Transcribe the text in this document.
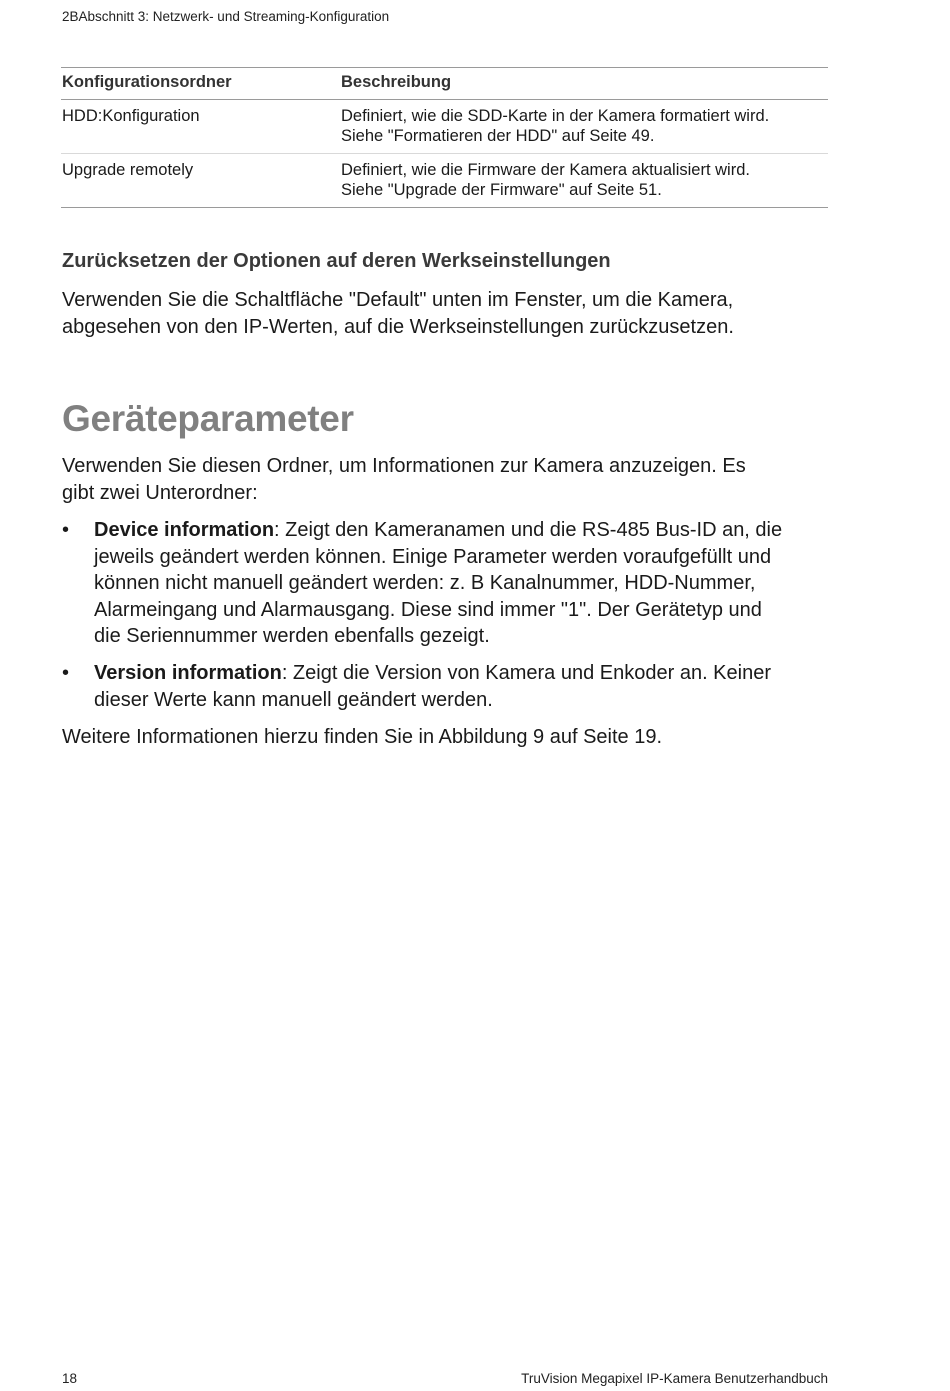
2BAbschnitt 3: Netzwerk- und Streaming-Konfiguration
Konfigurationsordner	Beschreibung
HDD:Konfiguration	Definiert, wie die SDD-Karte in der Kamera formatiert wird.
Siehe "Formatieren der HDD" auf Seite 49.

Upgrade remotely	Definiert, wie die Firmware der Kamera aktualisiert wird.
Siehe "Upgrade der Firmware" auf Seite 51.
Zurücksetzen der Optionen auf deren Werkseinstellungen

Verwenden Sie die Schaltfläche "Default" unten im Fenster, um die Kamera,
abgesehen von den IP-Werten, auf die Werkseinstellungen zurückzusetzen.

Geräteparameter

Verwenden Sie diesen Ordner, um Informationen zur Kamera anzuzeigen. Es
gibt zwei Unterordner:

• Device information: Zeigt den Kameranamen und die RS-485 Bus-ID an, die
jeweils geändert werden können. Einige Parameter werden voraufgefüllt und
können nicht manuell geändert werden: z. B Kanalnummer, HDD-Nummer,
Alarmeingang und Alarmausgang. Diese sind immer "1". Der Gerätetyp und
die Seriennummer werden ebenfalls gezeigt.
• Version information: Zeigt die Version von Kamera und Enkoder an. Keiner
dieser Werte kann manuell geändert werden.

Weitere Informationen hierzu finden Sie in Abbildung 9 auf Seite 19.

18	TruVision Megapixel IP-Kamera Benutzerhandbuch
